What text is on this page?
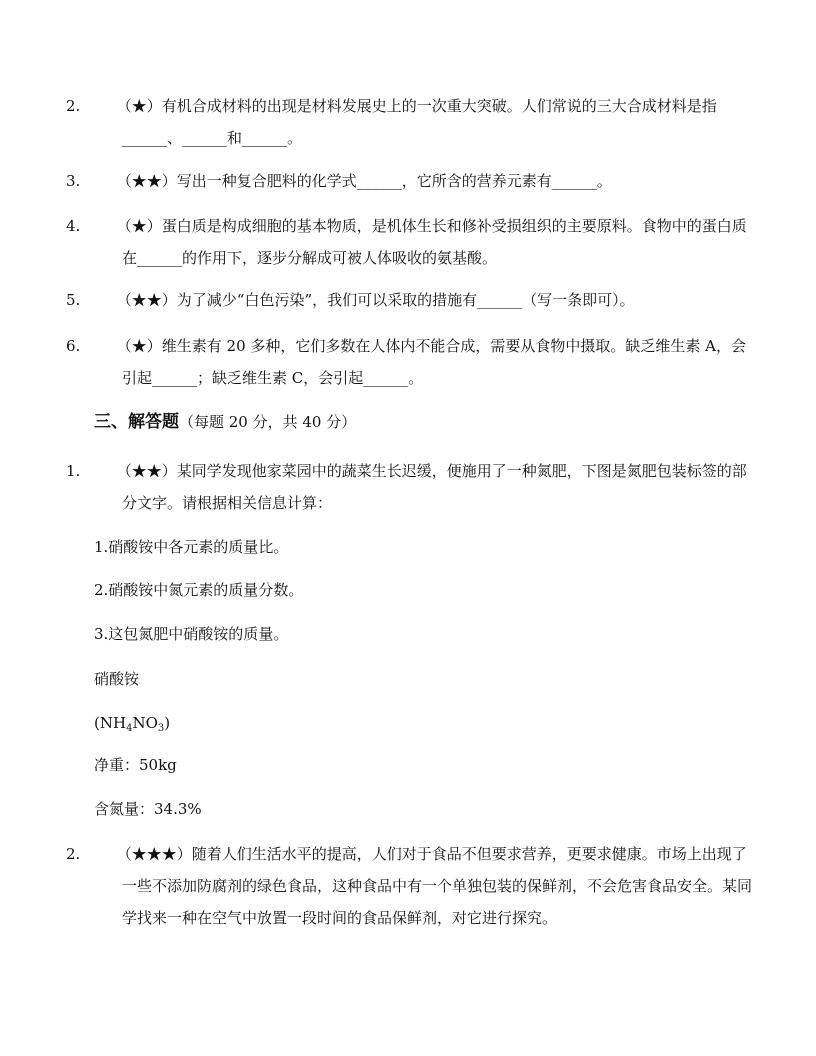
2. （★）有机合成材料的出现是材料发展史上的一次重大突破。人们常说的三大合成材料是指______、______和______。
3. （★★）写出一种复合肥料的化学式______，它所含的营养元素有______。
4. （★）蛋白质是构成细胞的基本物质，是机体生长和修补受损组织的主要原料。食物中的蛋白质在______的作用下，逐步分解成可被人体吸收的氨基酸。
5. （★★）为了减少“白色污染”，我们可以采取的措施有______（写一条即可）。
6. （★）维生素有 20 多种，它们多数在人体内不能合成，需要从食物中摄取。缺乏维生素 A，会引起______；缺乏维生素 C，会引起______。
三、解答题（每题 20 分，共 40 分）
1. （★★）某同学发现他家菜园中的蔬菜生长迟缓，便施用了一种氮肥，下图是氮肥包装标签的部分文字。请根据相关信息计算：
1.硝酸铵中各元素的质量比。
2.硝酸铵中氮元素的质量分数。
3.这包氮肥中硝酸铵的质量。
硝酸铵
$(NH_4NO_3)$
净重：50kg
含氮量：34.3%
2. （★★★）随着人们生活水平的提高，人们对于食品不但要求营养，更要求健康。市场上出现了一些不添加防腐剂的绿色食品，这种食品中有一个单独包装的保鲜剂，不会危害食品安全。某同学找来一种在空气中放置一段时间的食品保鲜剂，对它进行探究。
